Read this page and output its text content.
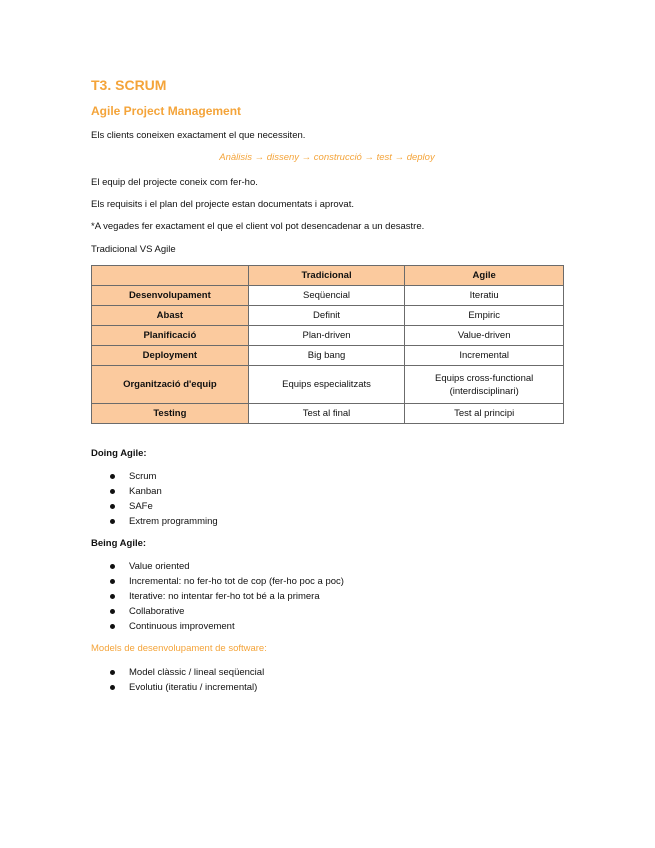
T3. SCRUM
Agile Project Management

Els clients coneixen exactament el que necessiten.

Anàlisis → disseny → construcció → test → deploy

El equip del projecte coneix com fer-ho.

Els requisits i el plan del projecte estan documentats i aprovat.

*A vegades fer exactament el que el client vol pot desencadenar a un desastre.

Tradicional VS Agile

	Tradicional	Agile
Desenvolupament	Seqüencial	Iteratiu
Abast	Definit	Empiric
Planificació	Plan-driven	Value-driven
Deployment	Big bang	Incremental
Organització d'equip	Equips especialitzats	Equips cross-functional (interdisciplinari)
Testing	Test al final	Test al principi

Doing Agile:

Scrum
Kanban
SAFe
Extrem programming

Being Agile:

Value oriented
Incremental: no fer-ho tot de cop (fer-ho poc a poc)
Iterative: no intentar fer-ho tot bé a la primera
Collaborative
Continuous improvement

Models de desenvolupament de software:

Model clàssic / lineal seqüencial
Evolutiu (iteratiu / incremental)
